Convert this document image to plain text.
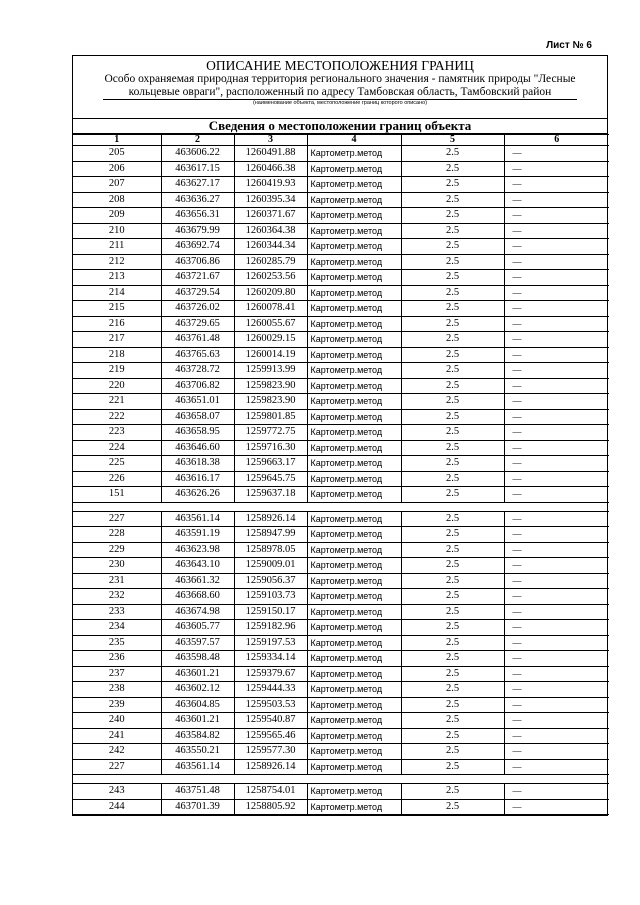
Лист № 6
ОПИСАНИЕ МЕСТОПОЛОЖЕНИЯ ГРАНИЦ
Особо охраняемая природная территория регионального значения - памятник природы "Лесные
кольцевые овраги", расположенный по адресу Тамбовская область, Тамбовский район
(наименование объекта, местоположение границ которого описано)
Сведения о местоположении границ объекта
1	2	3	4	5	6
205	463606.22	1260491.88	Картометр.метод	2.5	—
206	463617.15	1260466.38	Картометр.метод	2.5	—
207	463627.17	1260419.93	Картометр.метод	2.5	—
208	463636.27	1260395.34	Картометр.метод	2.5	—
209	463656.31	1260371.67	Картометр.метод	2.5	—
210	463679.99	1260364.38	Картометр.метод	2.5	—
211	463692.74	1260344.34	Картометр.метод	2.5	—
212	463706.86	1260285.79	Картометр.метод	2.5	—
213	463721.67	1260253.56	Картометр.метод	2.5	—
214	463729.54	1260209.80	Картометр.метод	2.5	—
215	463726.02	1260078.41	Картометр.метод	2.5	—
216	463729.65	1260055.67	Картометр.метод	2.5	—
217	463761.48	1260029.15	Картометр.метод	2.5	—
218	463765.63	1260014.19	Картометр.метод	2.5	—
219	463728.72	1259913.99	Картометр.метод	2.5	—
220	463706.82	1259823.90	Картометр.метод	2.5	—
221	463651.01	1259823.90	Картометр.метод	2.5	—
222	463658.07	1259801.85	Картометр.метод	2.5	—
223	463658.95	1259772.75	Картометр.метод	2.5	—
224	463646.60	1259716.30	Картометр.метод	2.5	—
225	463618.38	1259663.17	Картометр.метод	2.5	—
226	463616.17	1259645.75	Картометр.метод	2.5	—
151	463626.26	1259637.18	Картометр.метод	2.5	—

227	463561.14	1258926.14	Картометр.метод	2.5	—
228	463591.19	1258947.99	Картометр.метод	2.5	—
229	463623.98	1258978.05	Картометр.метод	2.5	—
230	463643.10	1259009.01	Картометр.метод	2.5	—
231	463661.32	1259056.37	Картометр.метод	2.5	—
232	463668.60	1259103.73	Картометр.метод	2.5	—
233	463674.98	1259150.17	Картометр.метод	2.5	—
234	463605.77	1259182.96	Картометр.метод	2.5	—
235	463597.57	1259197.53	Картометр.метод	2.5	—
236	463598.48	1259334.14	Картометр.метод	2.5	—
237	463601.21	1259379.67	Картометр.метод	2.5	—
238	463602.12	1259444.33	Картометр.метод	2.5	—
239	463604.85	1259503.53	Картометр.метод	2.5	—
240	463601.21	1259540.87	Картометр.метод	2.5	—
241	463584.82	1259565.46	Картометр.метод	2.5	—
242	463550.21	1259577.30	Картометр.метод	2.5	—
227	463561.14	1258926.14	Картометр.метод	2.5	—

243	463751.48	1258754.01	Картометр.метод	2.5	—
244	463701.39	1258805.92	Картометр.метод	2.5	—
